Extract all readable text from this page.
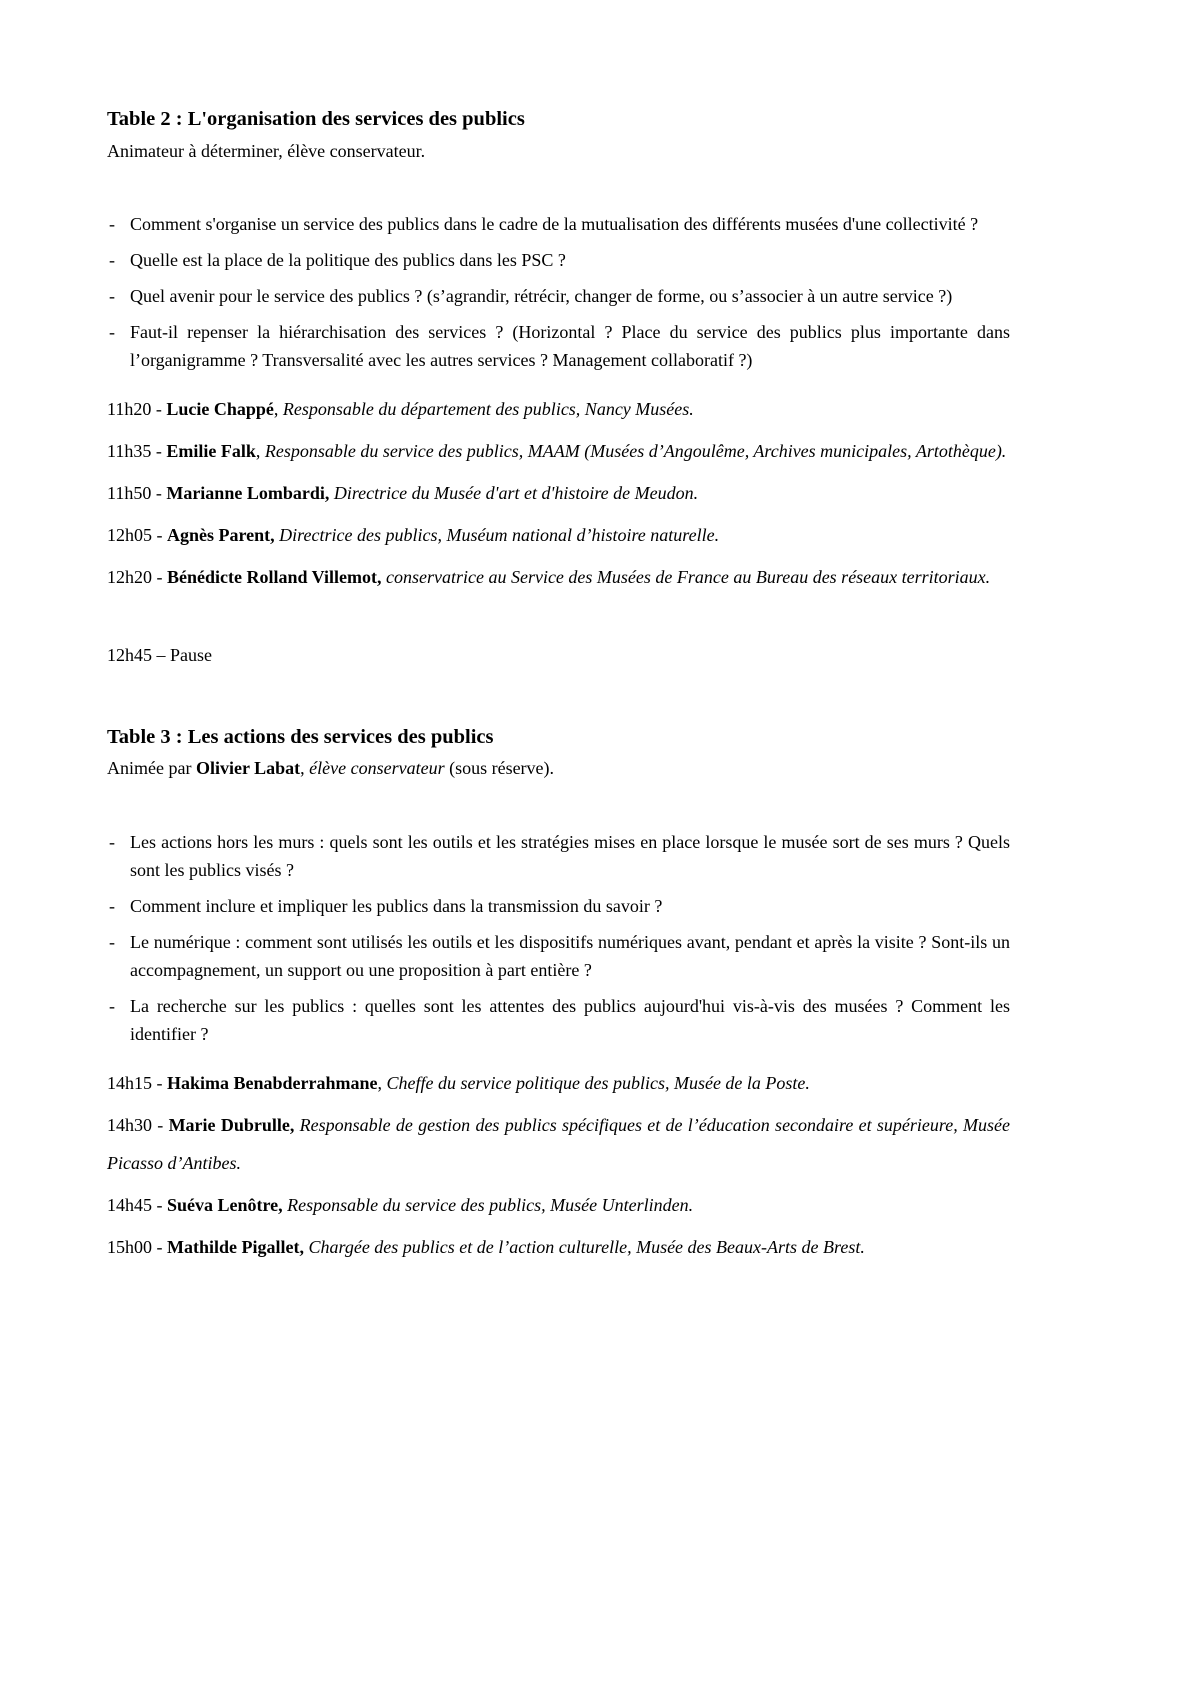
Table 2 : L'organisation des services des publics

Animateur à déterminer, élève conservateur.

- Comment s'organise un service des publics dans le cadre de la mutualisation des différents musées d'une collectivité ?
- Quelle est la place de la politique des publics dans les PSC ?
- Quel avenir pour le service des publics ? (s’agrandir, rétrécir, changer de forme, ou s’associer à un autre service ?)
- Faut-il repenser la hiérarchisation des services ? (Horizontal ? Place du service des publics plus importante dans l’organigramme ? Transversalité avec les autres services ? Management collaboratif ?)

11h20 - Lucie Chappé, Responsable du département des publics, Nancy Musées.

11h35 - Emilie Falk, Responsable du service des publics, MAAM (Musées d’Angoulême, Archives municipales, Artothèque).

11h50 - Marianne Lombardi, Directrice du Musée d'art et d'histoire de Meudon.

12h05 - Agnès Parent, Directrice des publics, Muséum national d’histoire naturelle.

12h20 - Bénédicte Rolland Villemot, conservatrice au Service des Musées de France au Bureau des réseaux territoriaux.

12h45 – Pause

Table 3 : Les actions des services des publics

Animée par Olivier Labat, élève conservateur (sous réserve).

- Les actions hors les murs : quels sont les outils et les stratégies mises en place lorsque le musée sort de ses murs ? Quels sont les publics visés ?
- Comment inclure et impliquer les publics dans la transmission du savoir ?
- Le numérique : comment sont utilisés les outils et les dispositifs numériques avant, pendant et après la visite ? Sont-ils un accompagnement, un support ou une proposition à part entière ?
- La recherche sur les publics : quelles sont les attentes des publics aujourd'hui vis-à-vis des musées ? Comment les identifier ?

14h15 - Hakima Benabderrahmane, Cheffe du service politique des publics, Musée de la Poste.

14h30 - Marie Dubrulle, Responsable de gestion des publics spécifiques et de l’éducation secondaire et supérieure, Musée Picasso d’Antibes.

14h45 - Suéva Lenôtre, Responsable du service des publics, Musée Unterlinden.

15h00 - Mathilde Pigallet, Chargée des publics et de l’action culturelle, Musée des Beaux-Arts de Brest.
